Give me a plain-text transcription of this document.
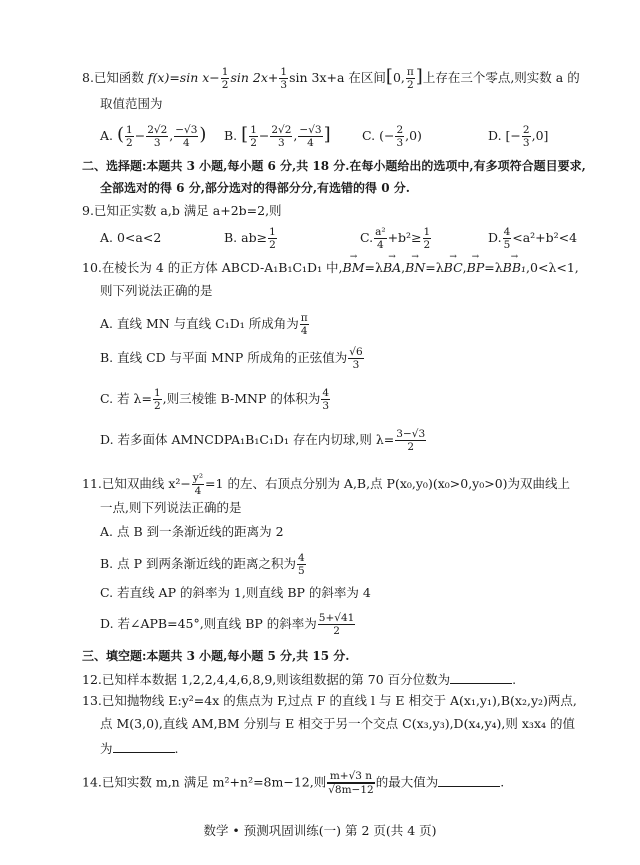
8.已知函数 f(x)=sin $x- \frac{1}{2}$ $\sin 2x+ \frac{1}{3}$ sin 3x+a 在区间[0, $\frac{\pi}{2}$ ]上存在三个零点,则实数 a 的
取值范围为
A. ( $\frac{1}{2} - \frac{2√2}{3}$ , $\frac{-√3}{4}$ ) B. [ $\frac{1}{2} - \frac{2√2}{3}$ , $\frac{-√3}{4}$ ]	C. (− $\frac{2}{3} ,0$)	D. [− $\frac{2}{3} ,0$]
二、选择题:本题共 3 小题,每小题 6 分,共 18 分.在每小题给出的选项中,有多项符合题目要求,
全部选对的得 6 分,部分选对的得部分分,有选错的得 0 分.
9.已知正实数 a,b 满足 a+2b=2,则
A. 0<a<2	B. $ab\ge \frac{1}{2}$	C. $\frac{\text{a²}}{4} +b^2\ge \frac{1}{2}$	D. $\frac{4}{5} <a^2+b^2<4$
10.在棱长为 4 的正方体 ABCD-A₁B₁C₁D₁ 中,→ BM=λ→ BA,→ BN=λ→ BC,→ BP=λ→ BB₁,0<λ<1,
则下列说法正确的是
A. 直线 MN 与直线 C₁D₁ 所成角为 $\frac{\pi}{4}$
B. 直线 CD 与平面 MNP 所成角的正弦值为 $\frac{√6}{3}$
C. 若 $\lambda= \frac{1}{2}$ ,则三棱锥 B-MNP 的体积为 $\frac{4}{3}$
D. 若多面体 AMNCDPA₁B₁C₁D₁ 存在内切球,则 $\lambda= \frac{3-√3}{2}$
11.已知双曲线 $x^2- \frac{\text{y²}}{4} =1$ 的左、右顶点分别为 A,B,点 P(x₀,y₀)(x₀>0,y₀>0)为双曲线上
一点,则下列说法正确的是
A. 点 B 到一条渐近线的距离为 2
B. 点 P 到两条渐近线的距离之积为 $\frac{4}{5}$
C. 若直线 AP 的斜率为 1,则直线 BP 的斜率为 4
D. 若∠APB=45°,则直线 BP 的斜率为 $\frac{5+√41}{2}$
三、填空题:本题共 3 小题,每小题 5 分,共 15 分.
12.已知样本数据 1,2,2,4,4,6,8,9,则该组数据的第 70 百分位数为	.
13.已知抛物线 E:y²=4x 的焦点为 F,过点 F 的直线 l 与 E 相交于 A(x₁,y₁),B(x₂,y₂)两点,
点 M(3,0),直线 AM,BM 分别与 E 相交于另一个交点 C(x₃,y₃),D(x₄,y₄),则 x₃x₄ 的值
为	.
14.已知实数 m,n 满足 m²+n²=8m−12,则 $\frac{m+√3 n}{√8m-12}$ 的最大值为	.
数学 • 预测巩固训练(一) 第 2 页(共 4 页)
